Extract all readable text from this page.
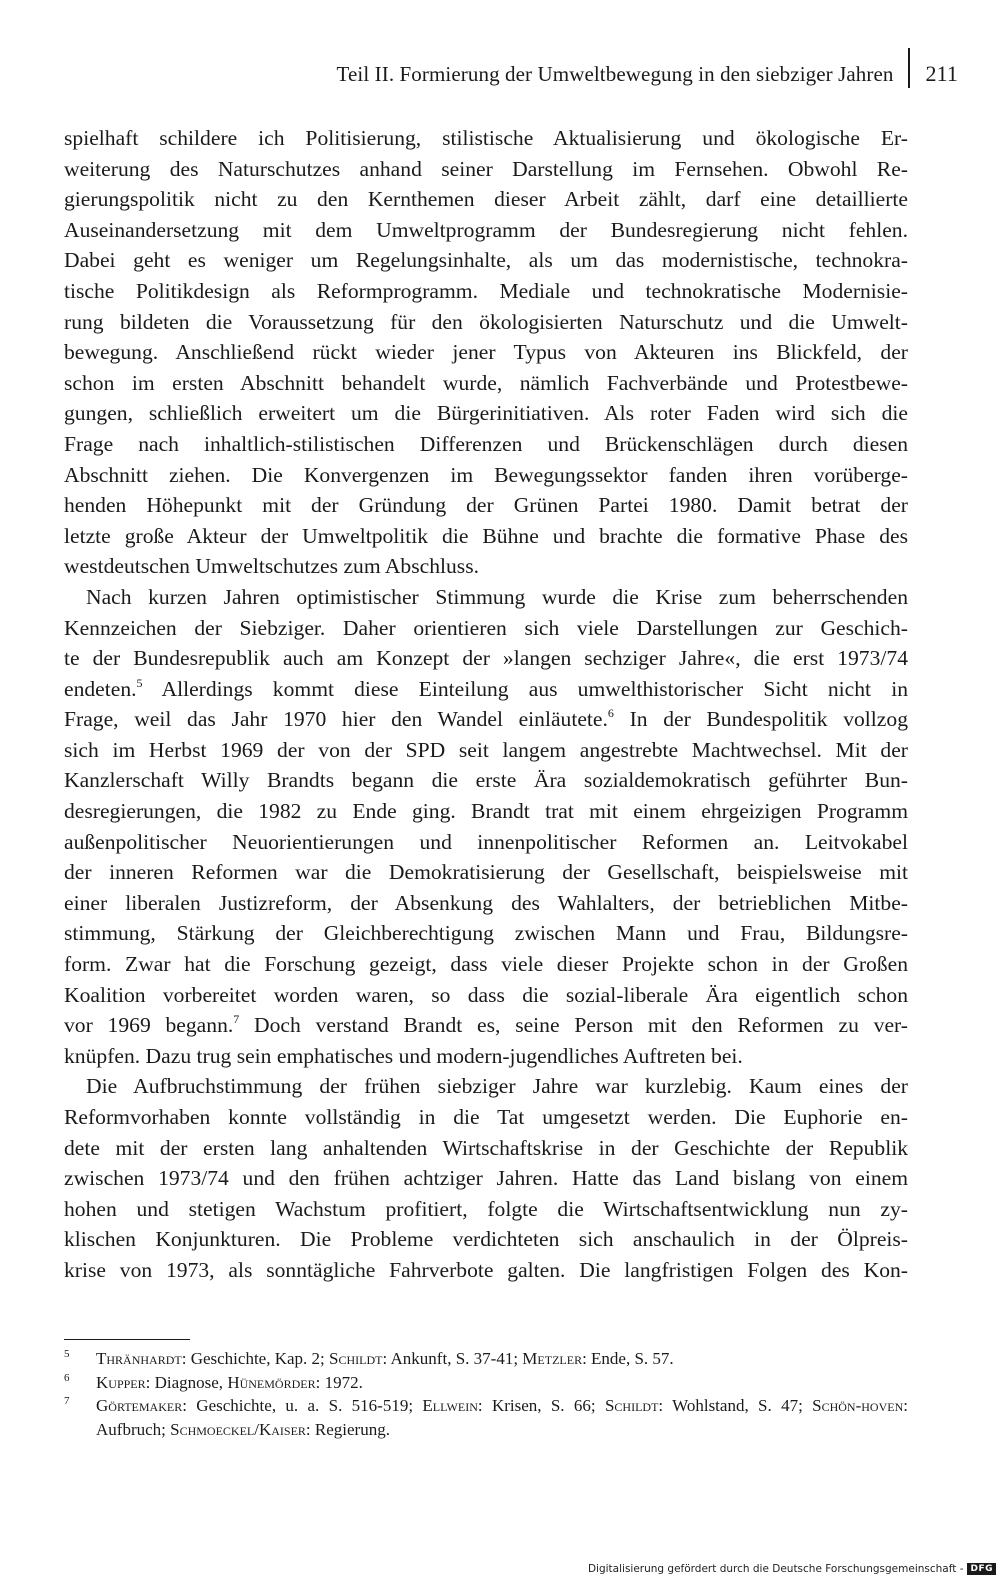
Teil II. Formierung der Umweltbewegung in den siebziger Jahren	211
spielhaft schildere ich Politisierung, stilistische Aktualisierung und ökologische Er-
weiterung des Naturschutzes anhand seiner Darstellung im Fernsehen. Obwohl Re-
gierungspolitik nicht zu den Kernthemen dieser Arbeit zählt, darf eine detaillierte
Auseinandersetzung mit dem Umweltprogramm der Bundesregierung nicht fehlen.
Dabei geht es weniger um Regelungsinhalte, als um das modernistische, technokra-
tische Politikdesign als Reformprogramm. Mediale und technokratische Modernisie-
rung bildeten die Voraussetzung für den ökologisierten Naturschutz und die Umwelt-
bewegung. Anschließend rückt wieder jener Typus von Akteuren ins Blickfeld, der
schon im ersten Abschnitt behandelt wurde, nämlich Fachverbände und Protestbewe-
gungen, schließlich erweitert um die Bürgerinitiativen. Als roter Faden wird sich die
Frage nach inhaltlich-stilistischen Differenzen und Brückenschlägen durch diesen
Abschnitt ziehen. Die Konvergenzen im Bewegungssektor fanden ihren vorüberge-
henden Höhepunkt mit der Gründung der Grünen Partei 1980. Damit betrat der
letzte große Akteur der Umweltpolitik die Bühne und brachte die formative Phase des
westdeutschen Umweltschutzes zum Abschluss.
Nach kurzen Jahren optimistischer Stimmung wurde die Krise zum beherrschenden
Kennzeichen der Siebziger. Daher orientieren sich viele Darstellungen zur Geschich-
te der Bundesrepublik auch am Konzept der »langen sechziger Jahre«, die erst 1973/74
endeten.$^5$ Allerdings kommt diese Einteilung aus umwelthistorischer Sicht nicht in
Frage, weil das Jahr 1970 hier den Wandel einläutete.$^6$ In der Bundespolitik vollzog
sich im Herbst 1969 der von der SPD seit langem angestrebte Machtwechsel. Mit der
Kanzlerschaft Willy Brandts begann die erste Ära sozialdemokratisch geführter Bun-
desregierungen, die 1982 zu Ende ging. Brandt trat mit einem ehrgeizigen Programm
außenpolitischer Neuorientierungen und innenpolitischer Reformen an. Leitvokabel
der inneren Reformen war die Demokratisierung der Gesellschaft, beispielsweise mit
einer liberalen Justizreform, der Absenkung des Wahlalters, der betrieblichen Mitbe-
stimmung, Stärkung der Gleichberechtigung zwischen Mann und Frau, Bildungsre-
form. Zwar hat die Forschung gezeigt, dass viele dieser Projekte schon in der Großen
Koalition vorbereitet worden waren, so dass die sozial-liberale Ära eigentlich schon
vor 1969 begann.$^7$ Doch verstand Brandt es, seine Person mit den Reformen zu ver-
knüpfen. Dazu trug sein emphatisches und modern-jugendliches Auftreten bei.
Die Aufbruchstimmung der frühen siebziger Jahre war kurzlebig. Kaum eines der
Reformvorhaben konnte vollständig in die Tat umgesetzt werden. Die Euphorie en-
dete mit der ersten lang anhaltenden Wirtschaftskrise in der Geschichte der Republik
zwischen 1973/74 und den frühen achtziger Jahren. Hatte das Land bislang von einem
hohen und stetigen Wachstum profitiert, folgte die Wirtschaftsentwicklung nun zy-
klischen Konjunkturen. Die Probleme verdichteten sich anschaulich in der Ölpreis-
krise von 1973, als sonntägliche Fahrverbote galten. Die langfristigen Folgen des Kon-
5	Thränhardt: Geschichte, Kap. 2; Schildt: Ankunft, S. 37-41; Metzler: Ende, S. 57.
6	Kupper: Diagnose, Hünemörder: 1972.
7	Görtemaker: Geschichte, u. a. S. 516-519; Ellwein: Krisen, S. 66; Schildt: Wohlstand, S. 47; Schön-hoven: Aufbruch; Schmoeckel/Kaiser: Regierung.
Digitalisierung gefördert durch die Deutsche Forschungsgemeinschaft - DFG
